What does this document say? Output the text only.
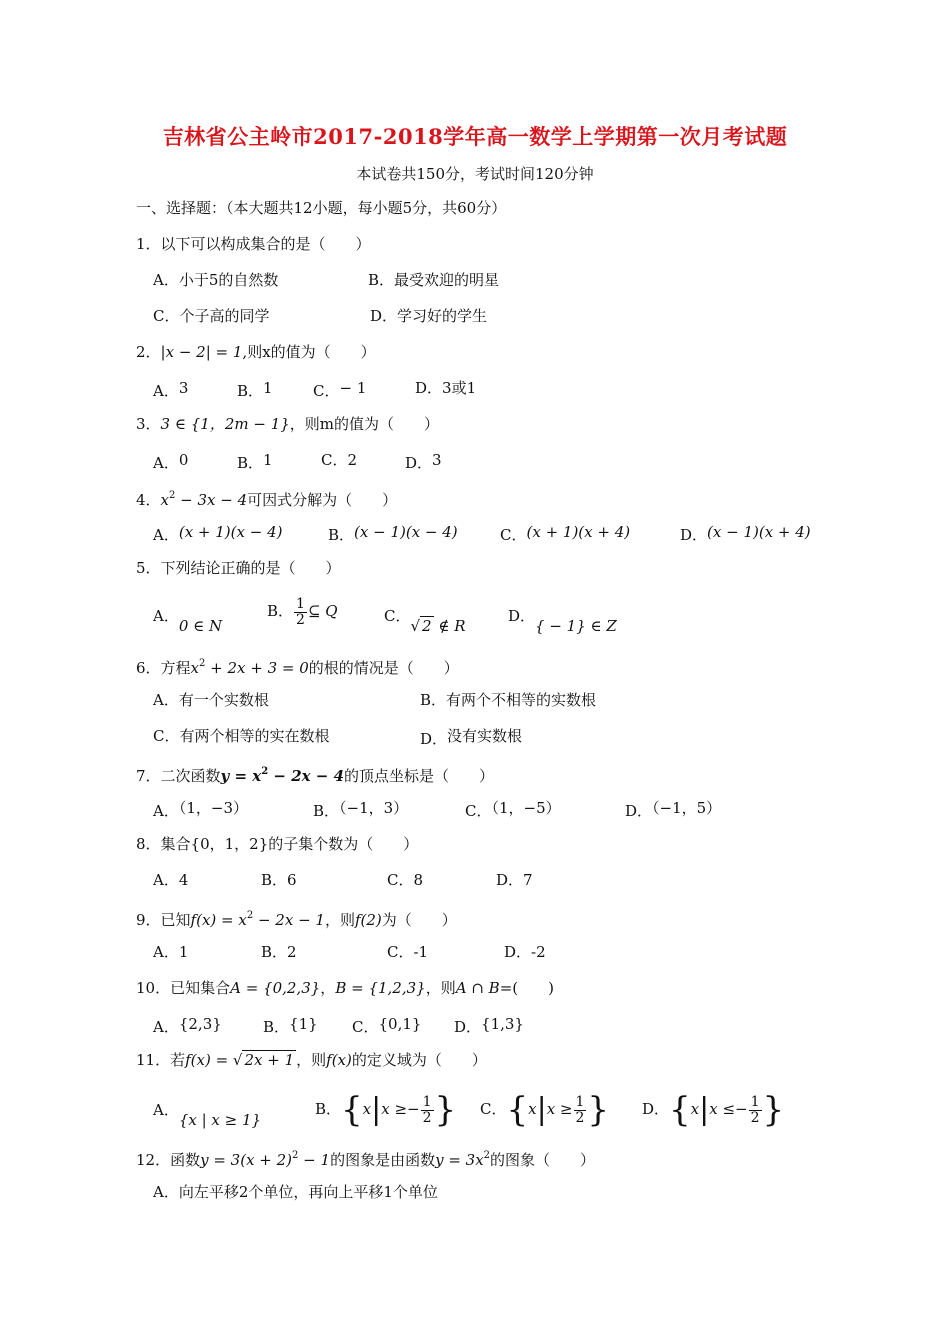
吉林省公主岭市2017-2018学年高一数学上学期第一次月考试题
本试卷共150分，考试时间120分钟
一、选择题：（本大题共12小题，每小题5分，共60分）
1．以下可以构成集合的是（　　）
A．小于5的自然数	B．最受欢迎的明星
C．个子高的同学	D．学习好的学生
2．|x − 2| = 1,则x的值为（　　）
A．3	B．1	C．− 1	D．3或1
3．3 ∈ {1，2m − 1}，则m的值为（　　）
A．0	B．1	C．2	D．3
4．$x^2 - 3x - 4$可因式分解为（　　）
A．(x + 1)(x − 4)	B．(x − 1)(x − 4)	C．(x + 1)(x + 4)	D．(x − 1)(x + 4)
5．下列结论正确的是（　　）
A．0 ∈ N
B． $\frac{1}{2}$ ⊆ Q	C．√ 2 ∉ R
D．{ − 1} ∈ Z
6．方程$x^2 + 2x + 3 = 0$的根的情况是（　　）
A．有一个实数根	B．有两个不相等的实数根
C．有两个相等的实在数根	D．没有实数根
7．二次函数$y = x^2 - 2x - 4$的顶点坐标是（　　）
A．（1，−3）	B．（−1，3）	C．（1，−5）	D．（−1，5）
8．集合{0，1，2}的子集个数为（　　）
A．4	B．6	C．8	D．7
9．已知$f(x) = x^2 - 2x - 1$，则f(2)为（　　）
A．1	B．2	C．-1	D．-2
10．已知集合A = {0,2,3}，B = {1,2,3}，则A ∩ B=(　　)
A．{2,3}	B．{1} C．{0,1} D．{1,3}
11．若f(x) = √ 2x + 1 ，则f(x)的定义域为（　　）
A．{x | x ≥ 1}
B．{$x|x \ge- \frac{1}{2}$ } C．{$x|x \ge \frac{1}{2}$ } D．{$x|x \le- \frac{1}{2}$ }
12．函数$y = 3(x + 2)^2 - 1$的图象是由函数$y = 3x^2$的图象（　　）
A．向左平移2个单位，再向上平移1个单位
